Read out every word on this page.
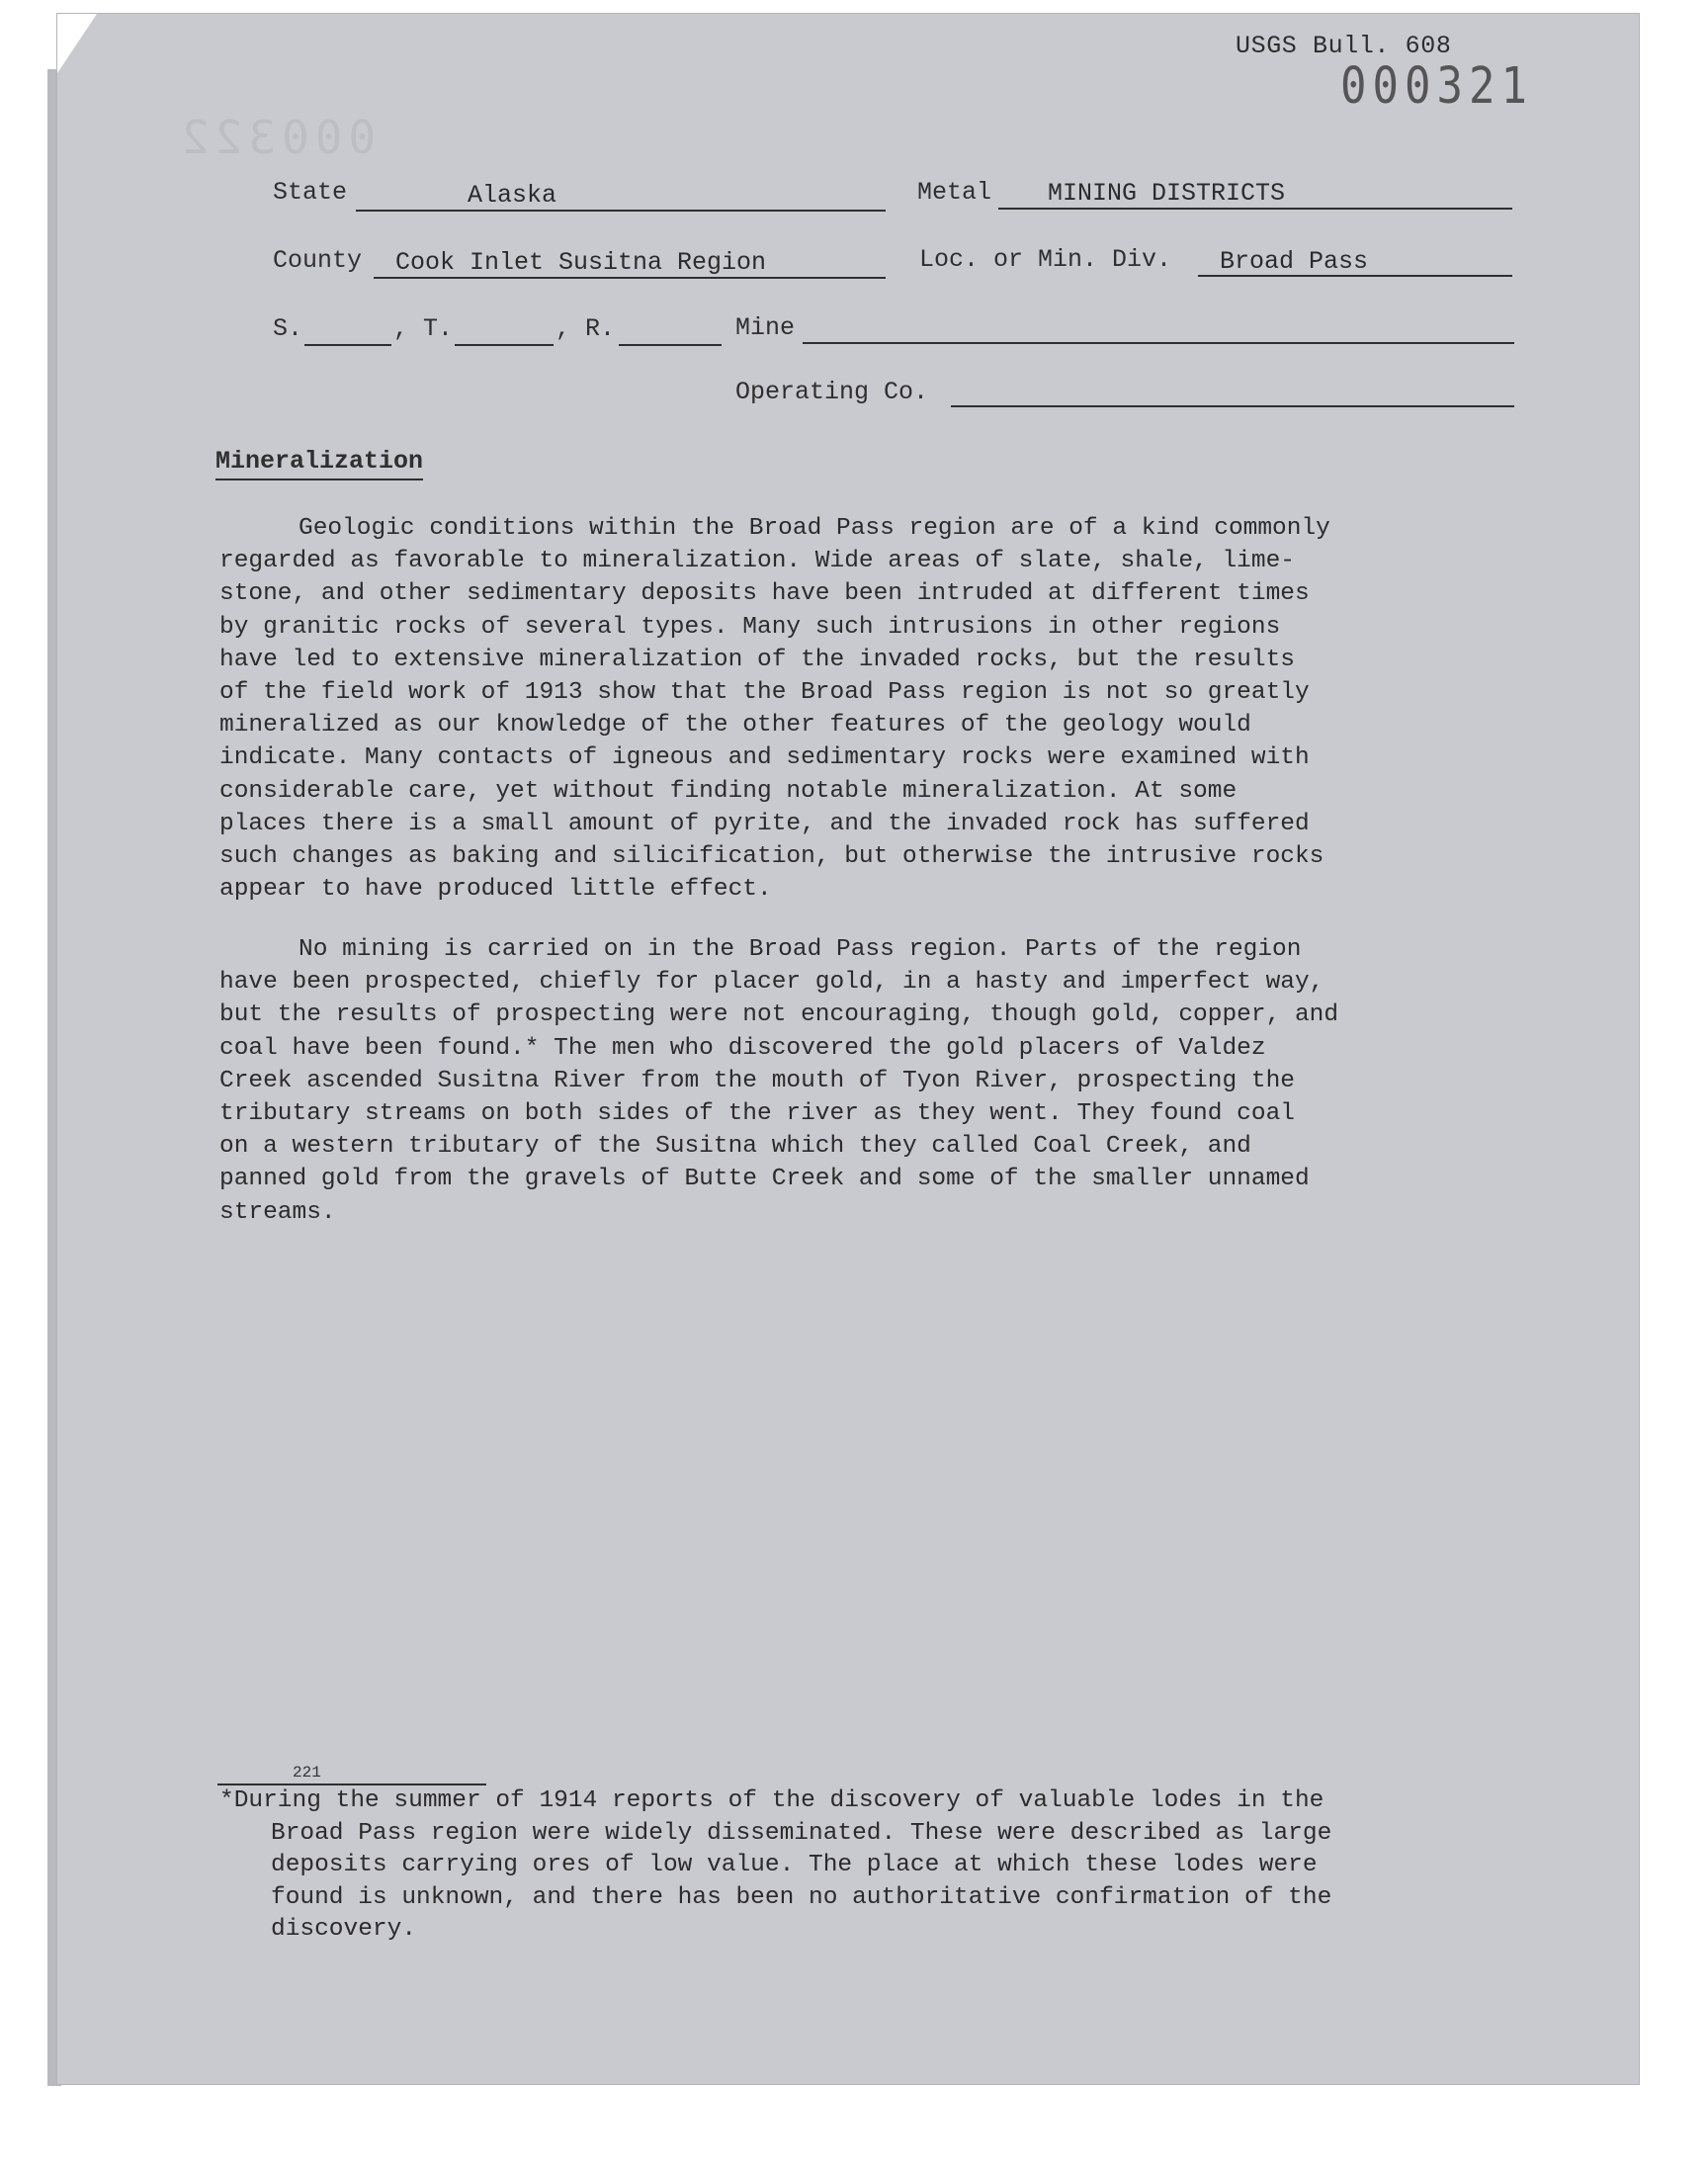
USGS Bull. 608
000321
000322
State	Alaska	Metal	MINING DISTRICTS
County Cook Inlet Susitna Region	Loc. or Min. Div. Broad Pass
S.	, T.	, R.	Mine
Operating Co.
Mineralization
Geologic conditions within the Broad Pass region are of a kind commonly
regarded as favorable to mineralization. Wide areas of slate, shale, lime-
stone, and other sedimentary deposits have been intruded at different times
by granitic rocks of several types. Many such intrusions in other regions
have led to extensive mineralization of the invaded rocks, but the results
of the field work of 1913 show that the Broad Pass region is not so greatly
mineralized as our knowledge of the other features of the geology would
indicate. Many contacts of igneous and sedimentary rocks were examined with
considerable care, yet without finding notable mineralization. At some
places there is a small amount of pyrite, and the invaded rock has suffered
such changes as baking and silicification, but otherwise the intrusive rocks
appear to have produced little effect.
No mining is carried on in the Broad Pass region. Parts of the region
have been prospected, chiefly for placer gold, in a hasty and imperfect way,
but the results of prospecting were not encouraging, though gold, copper, and
coal have been found.* The men who discovered the gold placers of Valdez
Creek ascended Susitna River from the mouth of Tyon River, prospecting the
tributary streams on both sides of the river as they went. They found coal
on a western tributary of the Susitna which they called Coal Creek, and
panned gold from the gravels of Butte Creek and some of the smaller unnamed
streams.
221
*During the summer of 1914 reports of the discovery of valuable lodes in the
Broad Pass region were widely disseminated. These were described as large
deposits carrying ores of low value. The place at which these lodes were
found is unknown, and there has been no authoritative confirmation of the
discovery.
